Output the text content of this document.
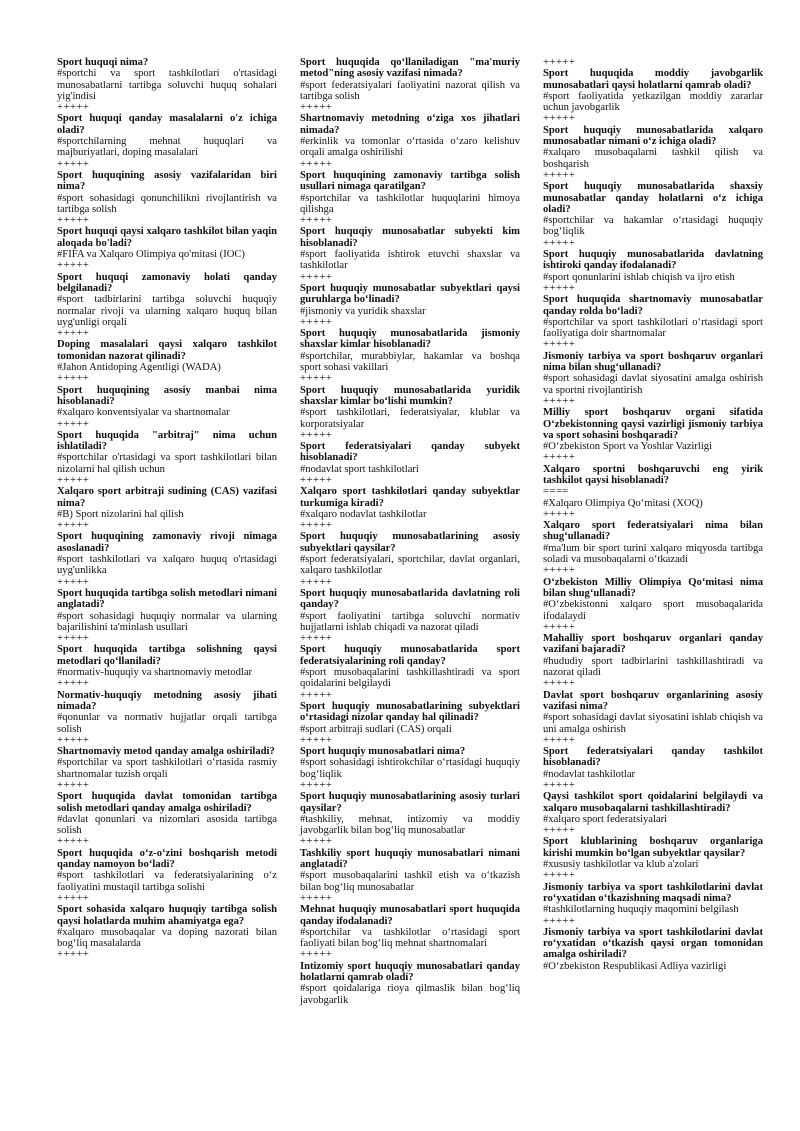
Sport huquqi nima?
#sportchi va sport tashkilotlari o'rtasidagi munosabatlarni tartibga soluvchi huquq sohalari yig'indisi
+++++
Sport huquqi qanday masalalarni o'z ichiga oladi?
#sportchilarning mehnat huquqlari va majburiyatlari, doping masalalari
+++++
Sport huquqining asosiy vazifalaridan biri nima?
#sport sohasidagi qonunchilikni rivojlantirish va tartibga solish
+++++
Sport huquqi qaysi xalqaro tashkilot bilan yaqin aloqada bo'ladi?
#FIFA va Xalqaro Olimpiya qo'mitasi (IOC)
+++++
Sport huquqi zamonaviy holati qanday belgilanadi?
#sport tadbirlarini tartibga soluvchi huquqiy normalar rivoji va ularning xalqaro huquq bilan uyg'unligi orqali
+++++
Doping masalalari qaysi xalqaro tashkilot tomonidan nazorat qilinadi?
#Jahon Antidoping Agentligi (WADA)
+++++
Sport huquqining asosiy manbai nima hisoblanadi?
#xalqaro konventsiyalar va shartnomalar
+++++
Sport huquqida "arbitraj" nima uchun ishlatiladi?
#sportchilar o'rtasidagi va sport tashkilotlari bilan nizolarni hal qilish uchun
+++++
Xalqaro sport arbitraji sudining (CAS) vazifasi nima?
#B) Sport nizolarini hal qilish
+++++
Sport huquqining zamonaviy rivoji nimaga asoslanadi?
#sport tashkilotlari va xalqaro huquq o'rtasidagi uyg'unlikka
+++++
Sport huquqida tartibga solish metodlari nimani anglatadi?
#sport sohasidagi huquqiy normalar va ularning bajarilishini ta'minlash usullari
+++++
Sport huquqida tartibga solishning qaysi metodlari qo‘llaniladi?
#normativ-huquqiy va shartnomaviy metodlar
+++++
Normativ-huquqiy metodning asosiy jihati nimada?
#qonunlar va normativ hujjatlar orqali tartibga solish
+++++
Shartnomaviy metod qanday amalga oshiriladi?
#sportchilar va sport tashkilotlari o‘rtasida rasmiy shartnomalar tuzish orqali
+++++
Sport huquqida davlat tomonidan tartibga solish metodlari qanday amalga oshiriladi?
#davlat qonunlari va nizomlari asosida tartibga solish
+++++
Sport huquqida o‘z-o‘zini boshqarish metodi qanday namoyon bo‘ladi?
#sport tashkilotlari va federatsiyalarining o‘z faoliyatini mustaqil tartibga solishi
+++++
Sport sohasida xalqaro huquqiy tartibga solish qaysi holatlarda muhim ahamiyatga ega?
#xalqaro musobaqalar va doping nazorati bilan bog‘liq masalalarda
+++++
Sport huquqida qo‘llaniladigan "ma'muriy metod"ning asosiy vazifasi nimada?
#sport federatsiyalari faoliyatini nazorat qilish va tartibga solish
+++++
Shartnomaviy metodning o‘ziga xos jihatlari nimada?
#erkinlik va tomonlar o‘rtasida o‘zaro kelishuv orqali amalga oshirilishi
+++++
Sport huquqining zamonaviy tartibga solish usullari nimaga qaratilgan?
#sportchilar va tashkilotlar huquqlarini himoya qilishga
+++++
Sport huquqiy munosabatlar subyekti kim hisoblanadi?
#sport faoliyatida ishtirok etuvchi shaxslar va tashkilotlar
+++++
Sport huquqiy munosabatlar subyektlari qaysi guruhlarga bo‘linadi?
#jismoniy va yuridik shaxslar
+++++
Sport huquqiy munosabatlarida jismoniy shaxslar kimlar hisoblanadi?
#sportchilar, murabbiylar, hakamlar va boshqa sport sohasi vakillari
+++++
Sport huquqiy munosabatlarida yuridik shaxslar kimlar bo‘lishi mumkin?
#sport tashkilotlari, federatsiyalar, klublar va korporatsiyalar
+++++
Sport federatsiyalari qanday subyekt hisoblanadi?
#nodavlat sport tashkilotlari
+++++
Xalqaro sport tashkilotlari qanday subyektlar turkumiga kiradi?
#xalqaro nodavlat tashkilotlar
+++++
Sport huquqiy munosabatlarining asosiy subyektlari qaysilar?
#sport federatsiyalari, sportchilar, davlat organlari, xalqaro tashkilotlar
+++++
Sport huquqiy munosabatlarida davlatning roli qanday?
#sport faoliyatini tartibga soluvchi normativ hujjatlarni ishlab chiqadi va nazorat qiladi
+++++
Sport huquqiy munosabatlarida sport federatsiyalarining roli qanday?
#sport musobaqalarini tashkillashtiradi va sport qoidalarini belgilaydi
+++++
Sport huquqiy munosabatlarining subyektlari o‘rtasidagi nizolar qanday hal qilinadi?
#sport arbitraji sudlari (CAS) orqali
+++++
Sport huquqiy munosabatlari nima?
#sport sohasidagi ishtirokchilar o‘rtasidagi huquqiy bog‘liqlik
+++++
Sport huquqiy munosabatlarining asosiy turlari qaysilar?
#tashkiliy, mehnat, intizomiy va moddiy javobgarlik bilan bog‘liq munosabatlar
+++++
Tashkiliy sport huquqiy munosabatlari nimani anglatadi?
#sport musobaqalarini tashkil etish va o‘tkazish bilan bog‘liq munosabatlar
+++++
Mehnat huquqiy munosabatlari sport huquqida qanday ifodalanadi?
#sportchilar va tashkilotlar o‘rtasidagi sport faoliyati bilan bog‘liq mehnat shartnomalari
+++++
Intizomiy sport huquqiy munosabatlari qanday holatlarni qamrab oladi?
#sport qoidalariga rioya qilmaslik bilan bog‘liq javobgarlik
+++++
Sport huquqida moddiy javobgarlik munosabatlari qaysi holatlarni qamrab oladi?
#sport faoliyatida yetkazilgan moddiy zararlar uchun javobgarlik
+++++
Sport huquqiy munosabatlarida xalqaro munosabatlar nimani o‘z ichiga oladi?
#xalqaro musobaqalarni tashkil qilish va boshqarish
+++++
Sport huquqiy munosabatlarida shaxsiy munosabatlar qanday holatlarni o‘z ichiga oladi?
#sportchilar va hakamlar o‘rtasidagi huquqiy bog‘liqlik
+++++
Sport huquqiy munosabatlarida davlatning ishtiroki qanday ifodalanadi?
#sport qonunlarini ishlab chiqish va ijro etish
+++++
Sport huquqida shartnomaviy munosabatlar qanday rolda bo‘ladi?
#sportchilar va sport tashkilotlari o‘rtasidagi sport faoliyatiga doir shartnomalar
+++++
Jismoniy tarbiya va sport boshqaruv organlari nima bilan shug‘ullanadi?
#sport sohasidagi davlat siyosatini amalga oshirish va sportni rivojlantirish
+++++
Milliy sport boshqaruv organi sifatida O‘zbekistonning qaysi vazirligi jismoniy tarbiya va sport sohasini boshqaradi?
#O‘zbekiston Sport va Yoshlar Vazirligi
+++++
Xalqaro sportni boshqaruvchi eng yirik tashkilot qaysi hisoblanadi?
====
#Xalqaro Olimpiya Qo‘mitasi (XOQ)
+++++
Xalqaro sport federatsiyalari nima bilan shug‘ullanadi?
#ma'lum bir sport turini xalqaro miqyosda tartibga soladi va musobaqalarni o‘tkazadi
+++++
O‘zbekiston Milliy Olimpiya Qo‘mitasi nima bilan shug‘ullanadi?
#O‘zbekistonni xalqaro sport musobaqalarida ifodalaydi
+++++
Mahalliy sport boshqaruv organlari qanday vazifani bajaradi?
#hududiy sport tadbirlarini tashkillashtiradi va nazorat qiladi
+++++
Davlat sport boshqaruv organlarining asosiy vazifasi nima?
#sport sohasidagi davlat siyosatini ishlab chiqish va uni amalga oshirish
+++++
Sport federatsiyalari qanday tashkilot hisoblanadi?
#nodavlat tashkilotlar
+++++
Qaysi tashkilot sport qoidalarini belgilaydi va xalqaro musobaqalarni tashkillashtiradi?
#xalqaro sport federatsiyalari
+++++
Sport klublarining boshqaruv organlariga kirishi mumkin bo‘lgan subyektlar qaysilar?
#xususiy tashkilotlar va klub a'zolari
+++++
Jismoniy tarbiya va sport tashkilotlarini davlat ro‘yxatidan o‘tkazishning maqsadi nima?
#tashkilotlarning huquqiy maqomini belgilash
+++++
Jismoniy tarbiya va sport tashkilotlarini davlat ro‘yxatidan o‘tkazish qaysi organ tomonidan amalga oshiriladi?
#O‘zbekiston Respublikasi Adliya vazirligi
